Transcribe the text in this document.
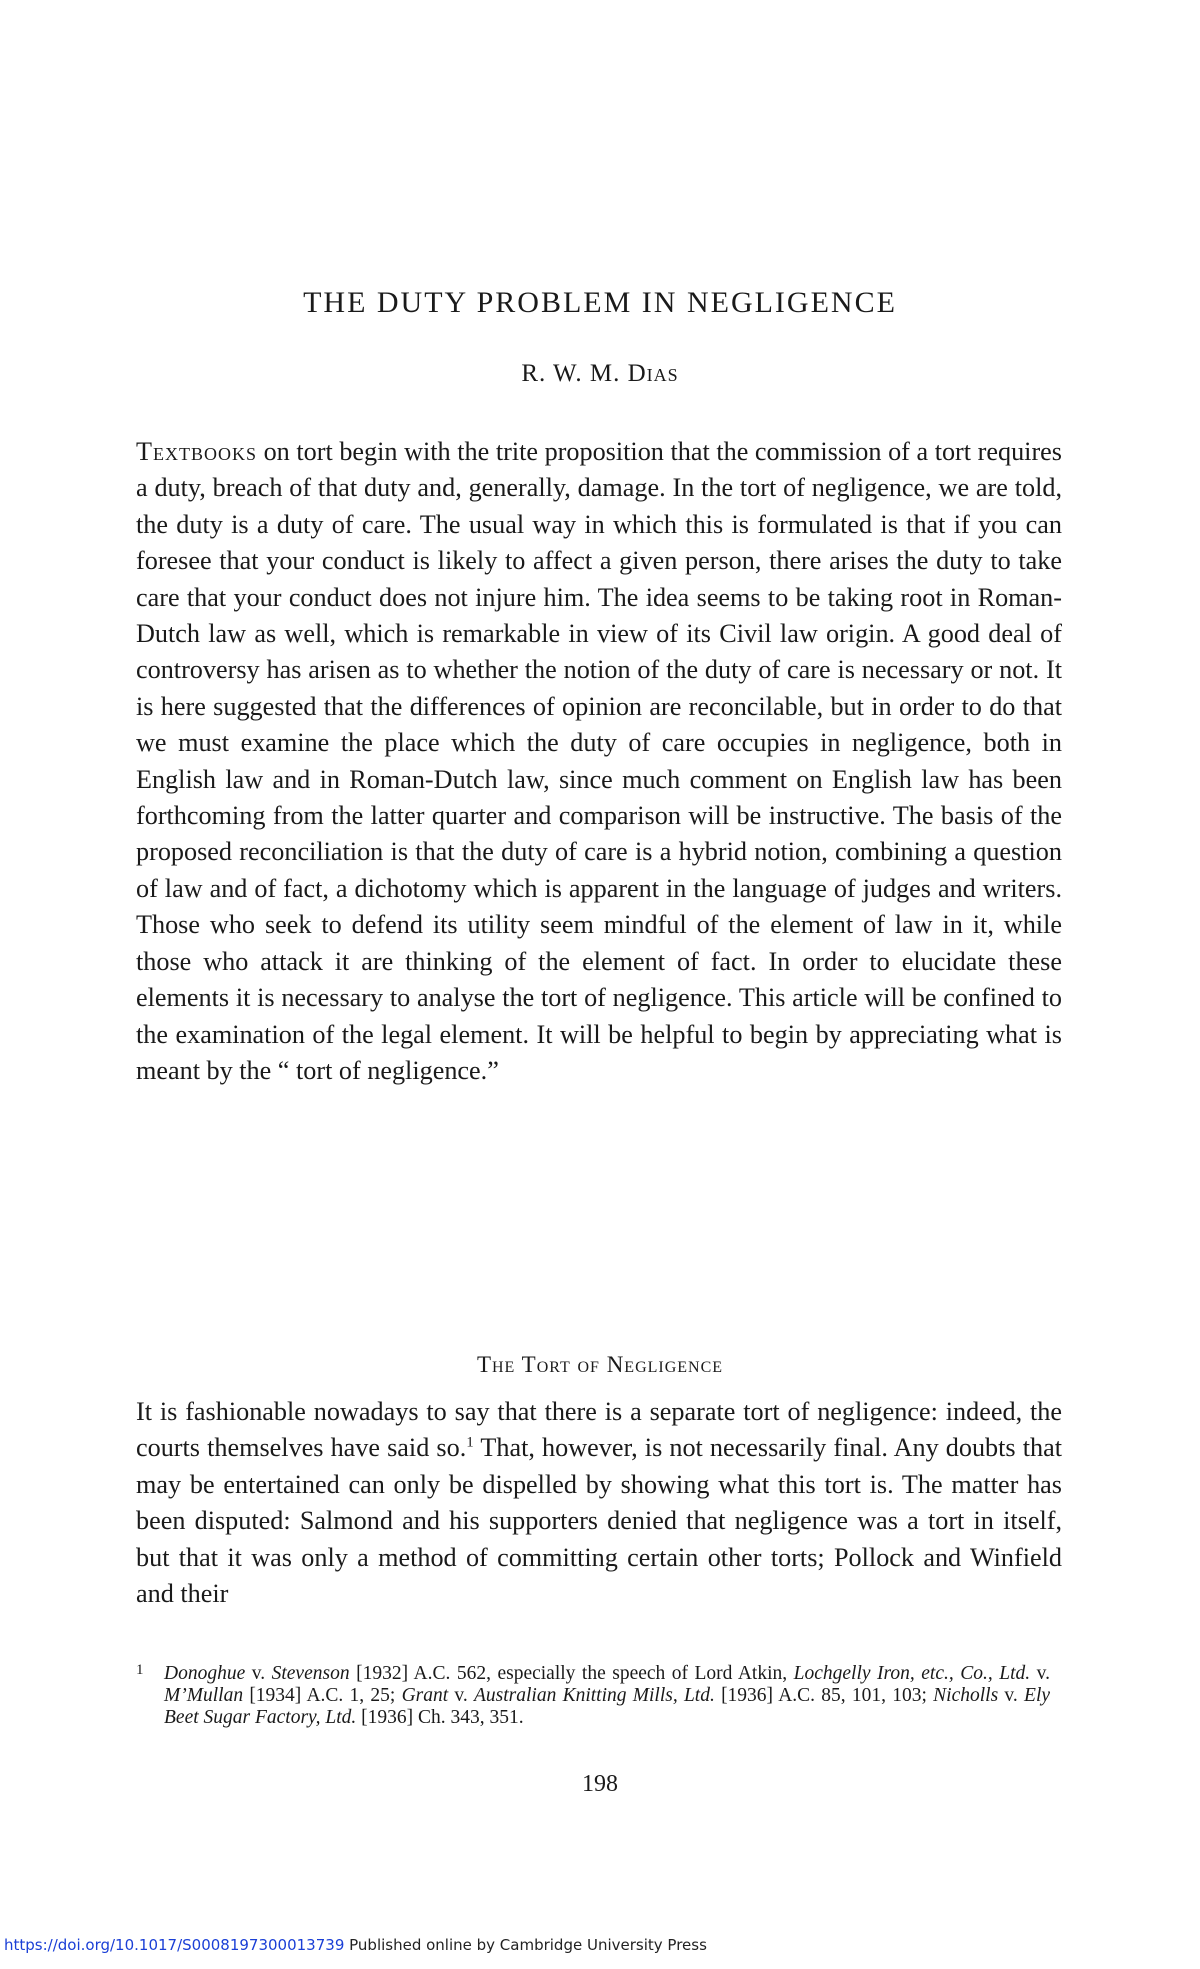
THE DUTY PROBLEM IN NEGLIGENCE
R. W. M. Dias

Textbooks on tort begin with the trite proposition that the commission of a tort requires a duty, breach of that duty and, generally, damage. In the tort of negligence, we are told, the duty is a duty of care. The usual way in which this is formulated is that if you can foresee that your conduct is likely to affect a given person, there arises the duty to take care that your conduct does not injure him. The idea seems to be taking root in Roman-Dutch law as well, which is remarkable in view of its Civil law origin. A good deal of controversy has arisen as to whether the notion of the duty of care is necessary or not. It is here suggested that the differences of opinion are reconcilable, but in order to do that we must examine the place which the duty of care occupies in negligence, both in English law and in Roman-Dutch law, since much comment on English law has been forthcoming from the latter quarter and comparison will be instructive. The basis of the proposed reconciliation is that the duty of care is a hybrid notion, combining a question of law and of fact, a dichotomy which is apparent in the language of judges and writers. Those who seek to defend its utility seem mindful of the element of law in it, while those who attack it are thinking of the element of fact. In order to elucidate these elements it is necessary to analyse the tort of negligence. This article will be confined to the examination of the legal element. It will be helpful to begin by appreciating what is meant by the “ tort of negligence.”

The Tort of Negligence

It is fashionable nowadays to say that there is a separate tort of negligence: indeed, the courts themselves have said so.$^1$ That, however, is not necessarily final. Any doubts that may be entertained can only be dispelled by showing what this tort is. The matter has been disputed: Salmond and his supporters denied that negligence was a tort in itself, but that it was only a method of committing certain other torts; Pollock and Winfield and their

1 Donoghue v. Stevenson [1932] A.C. 562, especially the speech of Lord Atkin, Lochgelly Iron, etc., Co., Ltd. v. M’Mullan [1934] A.C. 1, 25; Grant v. Australian Knitting Mills, Ltd. [1936] A.C. 85, 101, 103; Nicholls v. Ely Beet Sugar Factory, Ltd. [1936] Ch. 343, 351.
198
https://doi.org/10.1017/S0008197300013739 Published online by Cambridge University Press
